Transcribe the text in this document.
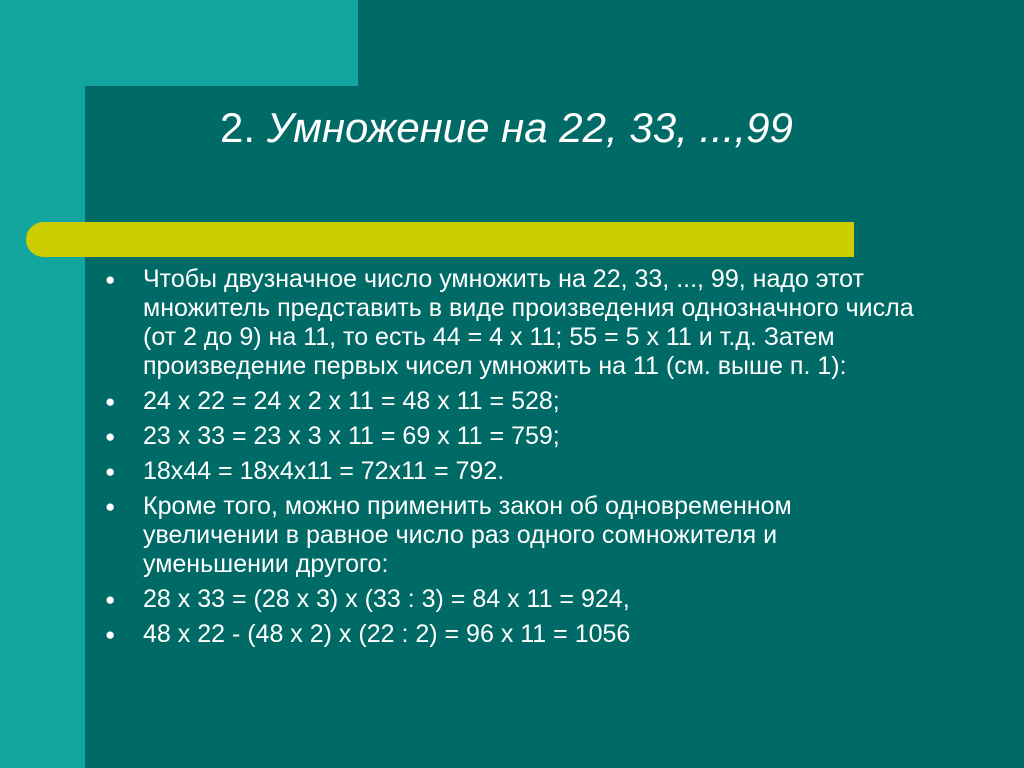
2. Умножение на 22, 33, ...,99
●	Чтобы двузначное число умножить на 22, 33, ..., 99, надо этот множитель представить в виде произведения однозначного числа (от 2 до 9) на 11, то есть 44 = 4 х 11; 55 = 5 х 11 и т.д. Затем произведение первых чисел умножить на 11 (см. выше п. 1):
●	24 х 22 = 24 х 2 х 11 = 48 х 11 = 528;
●	23 х 33 = 23 х 3 х 11 = 69 х 11 = 759;
●	18х44 = 18х4х11 = 72х11 = 792.
●	Кроме того, можно применить закон об одновременном увеличении в равное число раз одного сомножителя и уменьшении другого:
●	28 х 33 = (28 х 3) х (33 : 3) = 84 х 11 = 924,
●	48 х 22 - (48 х 2) х (22 : 2) = 96 х 11 = 1056
